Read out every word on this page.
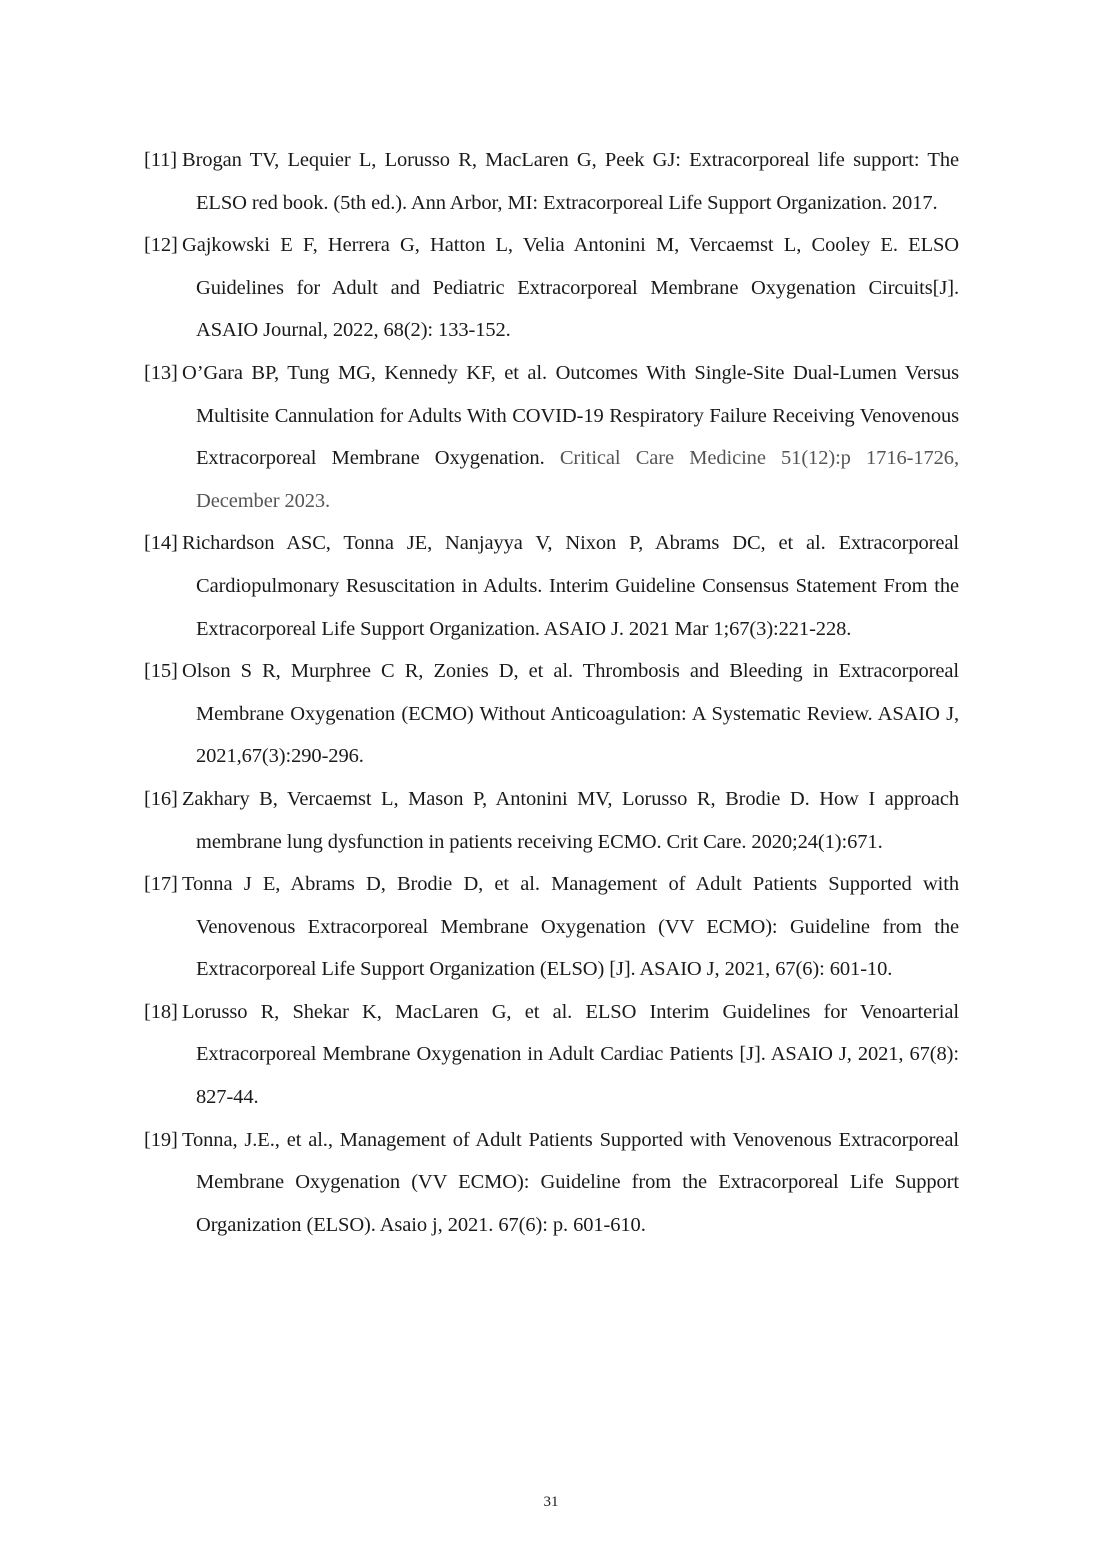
[11] Brogan TV, Lequier L, Lorusso R, MacLaren G, Peek GJ: Extracorporeal life support: The ELSO red book. (5th ed.). Ann Arbor, MI: Extracorporeal Life Support Organization. 2017.

[12] Gajkowski E F, Herrera G, Hatton L, Velia Antonini M, Vercaemst L, Cooley E. ELSO Guidelines for Adult and Pediatric Extracorporeal Membrane Oxygenation Circuits[J]. ASAIO Journal, 2022, 68(2): 133-152.

[13] O’Gara BP, Tung MG, Kennedy KF, et al. Outcomes With Single-Site Dual-Lumen Versus Multisite Cannulation for Adults With COVID-19 Respiratory Failure Receiving Venovenous Extracorporeal Membrane Oxygenation. Critical Care Medicine 51(12):p 1716-1726, December 2023.

[14] Richardson ASC, Tonna JE, Nanjayya V, Nixon P, Abrams DC, et al. Extracorporeal Cardiopulmonary Resuscitation in Adults. Interim Guideline Consensus Statement From the Extracorporeal Life Support Organization. ASAIO J. 2021 Mar 1;67(3):221-228.

[15] Olson S R, Murphree C R, Zonies D, et al. Thrombosis and Bleeding in Extracorporeal Membrane Oxygenation (ECMO) Without Anticoagulation: A Systematic Review. ASAIO J, 2021,67(3):290-296.

[16] Zakhary B, Vercaemst L, Mason P, Antonini MV, Lorusso R, Brodie D. How I approach membrane lung dysfunction in patients receiving ECMO. Crit Care. 2020;24(1):671.

[17] Tonna J E, Abrams D, Brodie D, et al. Management of Adult Patients Supported with Venovenous Extracorporeal Membrane Oxygenation (VV ECMO): Guideline from the Extracorporeal Life Support Organization (ELSO) [J]. ASAIO J, 2021, 67(6): 601-10.

[18] Lorusso R, Shekar K, MacLaren G, et al. ELSO Interim Guidelines for Venoarterial Extracorporeal Membrane Oxygenation in Adult Cardiac Patients [J]. ASAIO J, 2021, 67(8): 827-44.

[19] Tonna, J.E., et al., Management of Adult Patients Supported with Venovenous Extracorporeal Membrane Oxygenation (VV ECMO): Guideline from the Extracorporeal Life Support Organization (ELSO). Asaio j, 2021. 67(6): p. 601-610.

31
